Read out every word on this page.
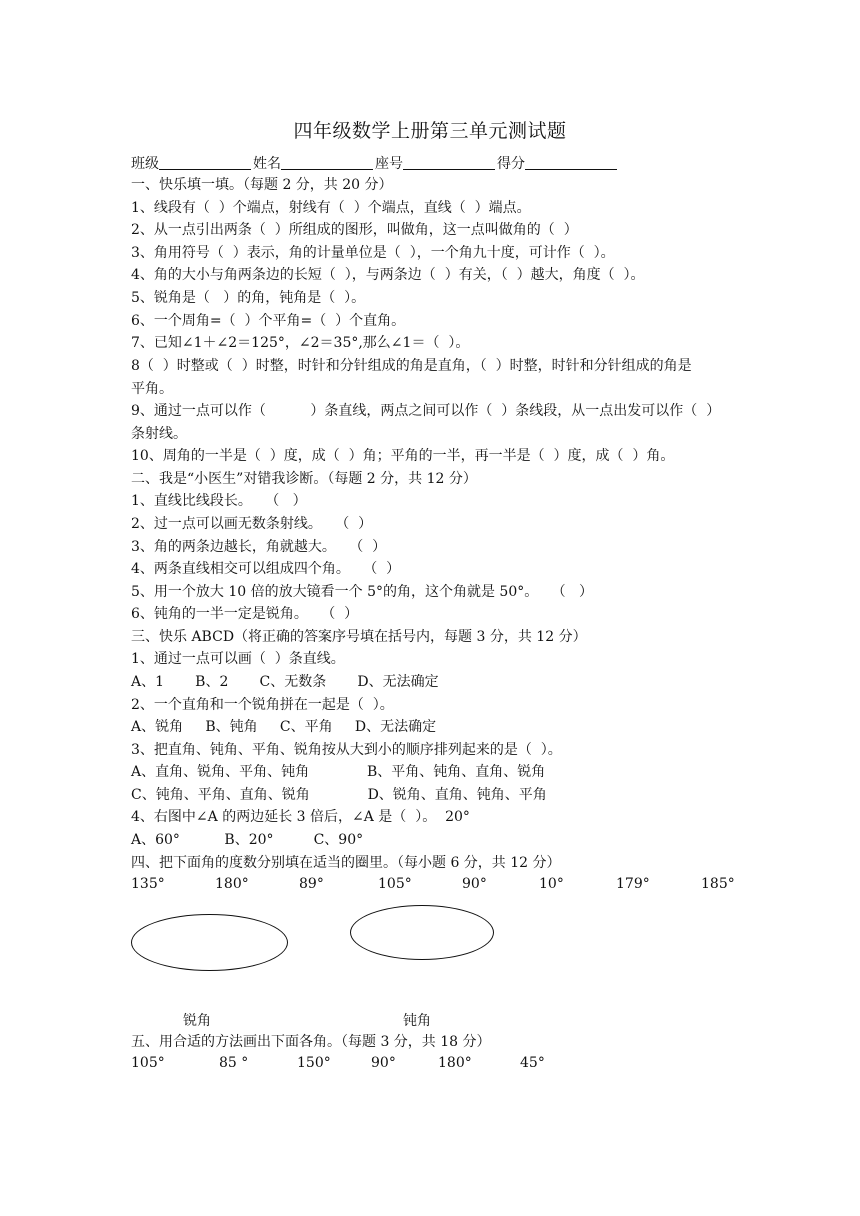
四年级数学上册第三单元测试题
班级	姓名	座号	得分
一、快乐填一填。（每题 2 分，共 20 分）
1、线段有（  ）个端点，射线有（  ）个端点，直线（  ）端点。
2、从一点引出两条（  ）所组成的图形，叫做角，这一点叫做角的（  ）
3、角用符号（  ）表示，角的计量单位是（  ），一个角九十度，可计作（  ）。
4、角的大小与角两条边的长短（  ），与两条边（  ）有关，（  ）越大，角度（  ）。
5、锐角是（   ）的角，钝角是（  ）。
6、一个周角=（  ）个平角=（  ）个直角。
7、已知∠1＋∠2＝125°，∠2＝35°,那么∠1＝（  ）。
8（  ）时整或（  ）时整，时针和分针组成的角是直角，（  ）时整，时针和分针组成的角是
平角。
9、通过一点可以作（          ）条直线，两点之间可以作（  ）条线段，从一点出发可以作（  ）
条射线。
10、周角的一半是（  ）度，成（  ）角；平角的一半，再一半是（  ）度，成（  ）角。
二、我是“小医生”对错我诊断。（每题 2 分，共 12 分）
1、直线比线段长。   （   ）
2、过一点可以画无数条射线。   （  ）
3、角的两条边越长，角就越大。   （  ）
4、两条直线相交可以组成四个角。   （  ）
5、用一个放大 10 倍的放大镜看一个 5°的角，这个角就是 50°。   （   ）
6、钝角的一半一定是锐角。   （  ）
三、快乐 ABCD（将正确的答案序号填在括号内，每题 3 分，共 12 分）
1、通过一点可以画（  ）条直线。
A、1       B、2       C、无数条       D、无法确定
2、一个直角和一个锐角拼在一起是（  ）。
A、锐角     B、钝角     C、平角     D、无法确定
3、把直角、钝角、平角、锐角按从大到小的顺序排列起来的是（  ）。
A、直角、锐角、平角、钝角             B、平角、钝角、直角、锐角
C、钝角、平角、直角、锐角             D、锐角、直角、钝角、平角
4、右图中∠A 的两边延长 3 倍后，∠A 是（  ）。  20°
A、60°          B、20°         C、90°
四、把下面角的度数分别填在适当的圈里。（每小题 6 分，共 12 分）
135°	180°	89°	105°	90°	10°	179°	185°
锐角	钝角
五、用合适的方法画出下面各角。（每题 3 分，共 18 分）
105°	85 °	150°	90°	180°	45°
